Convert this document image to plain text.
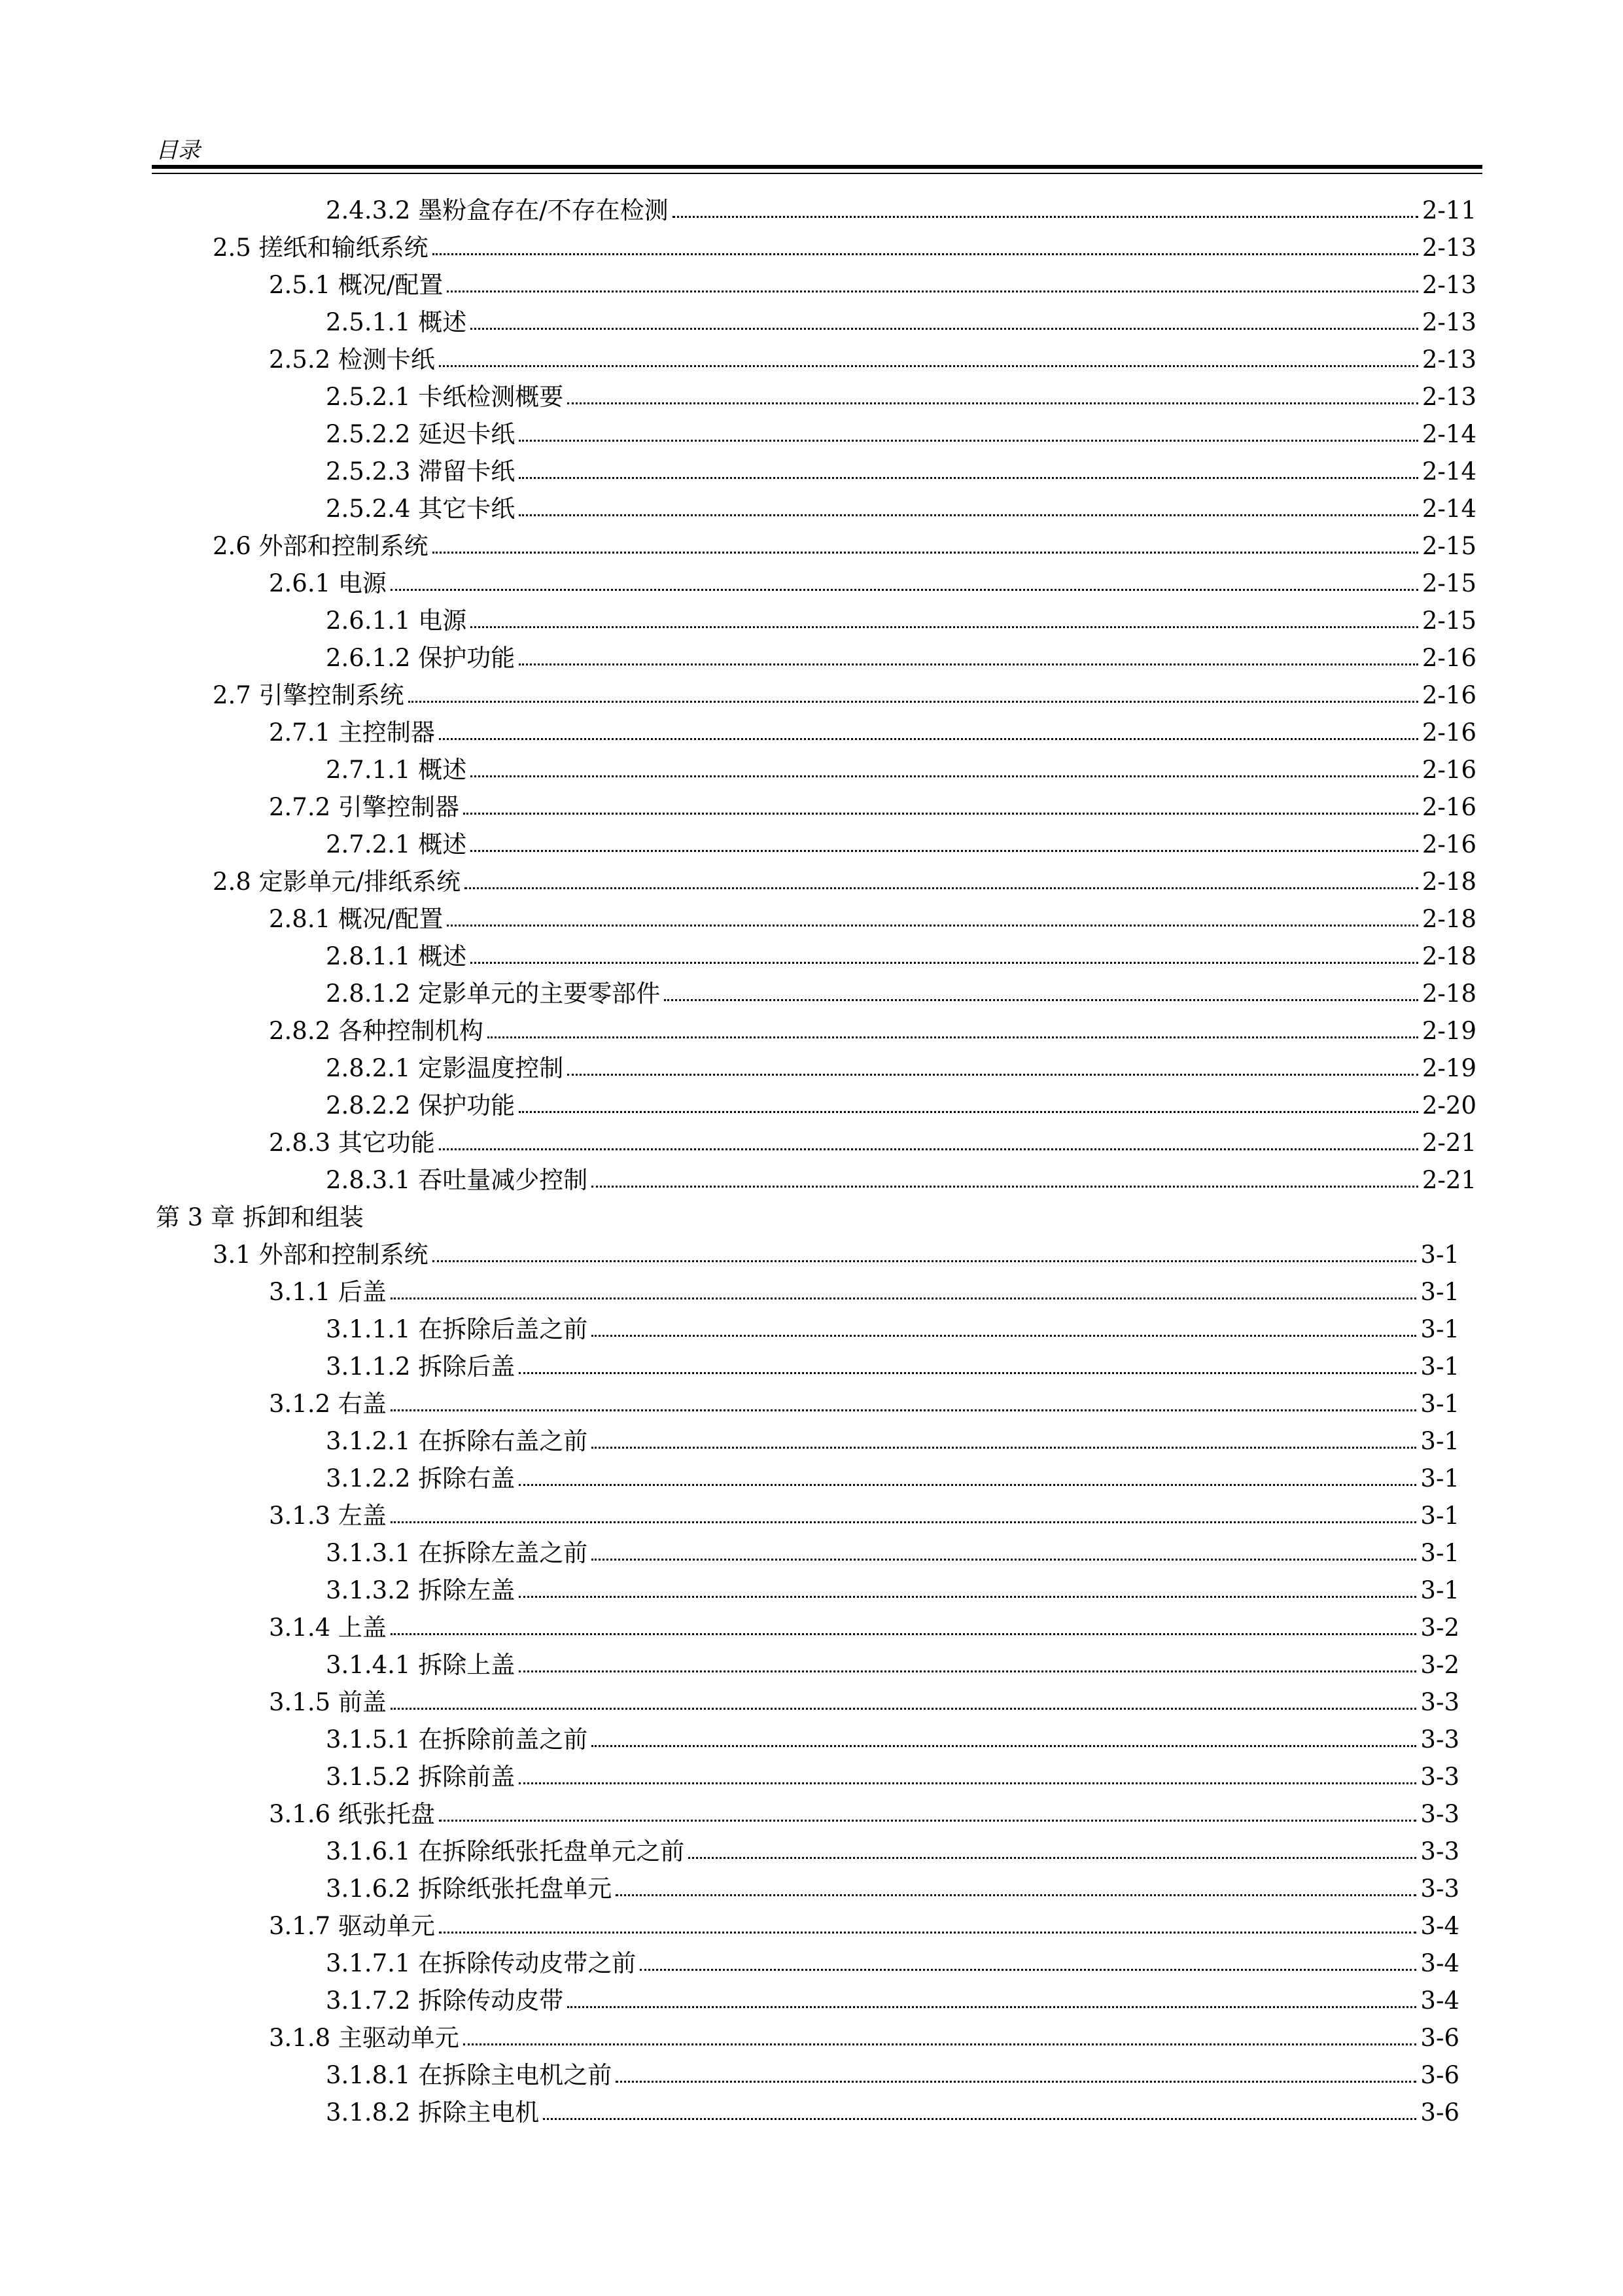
目录
2.4.3.2 墨粉盒存在/不存在检测	2-11
2.5 搓纸和输纸系统	2-13
2.5.1 概况/配置	2-13
2.5.1.1 概述	2-13
2.5.2 检测卡纸	2-13
2.5.2.1 卡纸检测概要	2-13
2.5.2.2 延迟卡纸	2-14
2.5.2.3 滞留卡纸	2-14
2.5.2.4 其它卡纸	2-14
2.6 外部和控制系统	2-15
2.6.1 电源	2-15
2.6.1.1 电源	2-15
2.6.1.2 保护功能	2-16
2.7 引擎控制系统	2-16
2.7.1 主控制器	2-16
2.7.1.1 概述	2-16
2.7.2 引擎控制器	2-16
2.7.2.1 概述	2-16
2.8 定影单元/排纸系统	2-18
2.8.1 概况/配置	2-18
2.8.1.1 概述	2-18
2.8.1.2 定影单元的主要零部件	2-18
2.8.2 各种控制机构	2-19
2.8.2.1 定影温度控制	2-19
2.8.2.2 保护功能	2-20
2.8.3 其它功能	2-21
2.8.3.1 吞吐量减少控制	2-21
第 3 章 拆卸和组装
3.1 外部和控制系统	3-1
3.1.1 后盖	3-1
3.1.1.1 在拆除后盖之前	3-1
3.1.1.2 拆除后盖	3-1
3.1.2 右盖	3-1
3.1.2.1 在拆除右盖之前	3-1
3.1.2.2 拆除右盖	3-1
3.1.3 左盖	3-1
3.1.3.1 在拆除左盖之前	3-1
3.1.3.2 拆除左盖	3-1
3.1.4 上盖	3-2
3.1.4.1 拆除上盖	3-2
3.1.5 前盖	3-3
3.1.5.1 在拆除前盖之前	3-3
3.1.5.2 拆除前盖	3-3
3.1.6 纸张托盘	3-3
3.1.6.1 在拆除纸张托盘单元之前	3-3
3.1.6.2 拆除纸张托盘单元	3-3
3.1.7 驱动单元	3-4
3.1.7.1 在拆除传动皮带之前	3-4
3.1.7.2 拆除传动皮带	3-4
3.1.8 主驱动单元	3-6
3.1.8.1 在拆除主电机之前	3-6
3.1.8.2 拆除主电机	3-6
